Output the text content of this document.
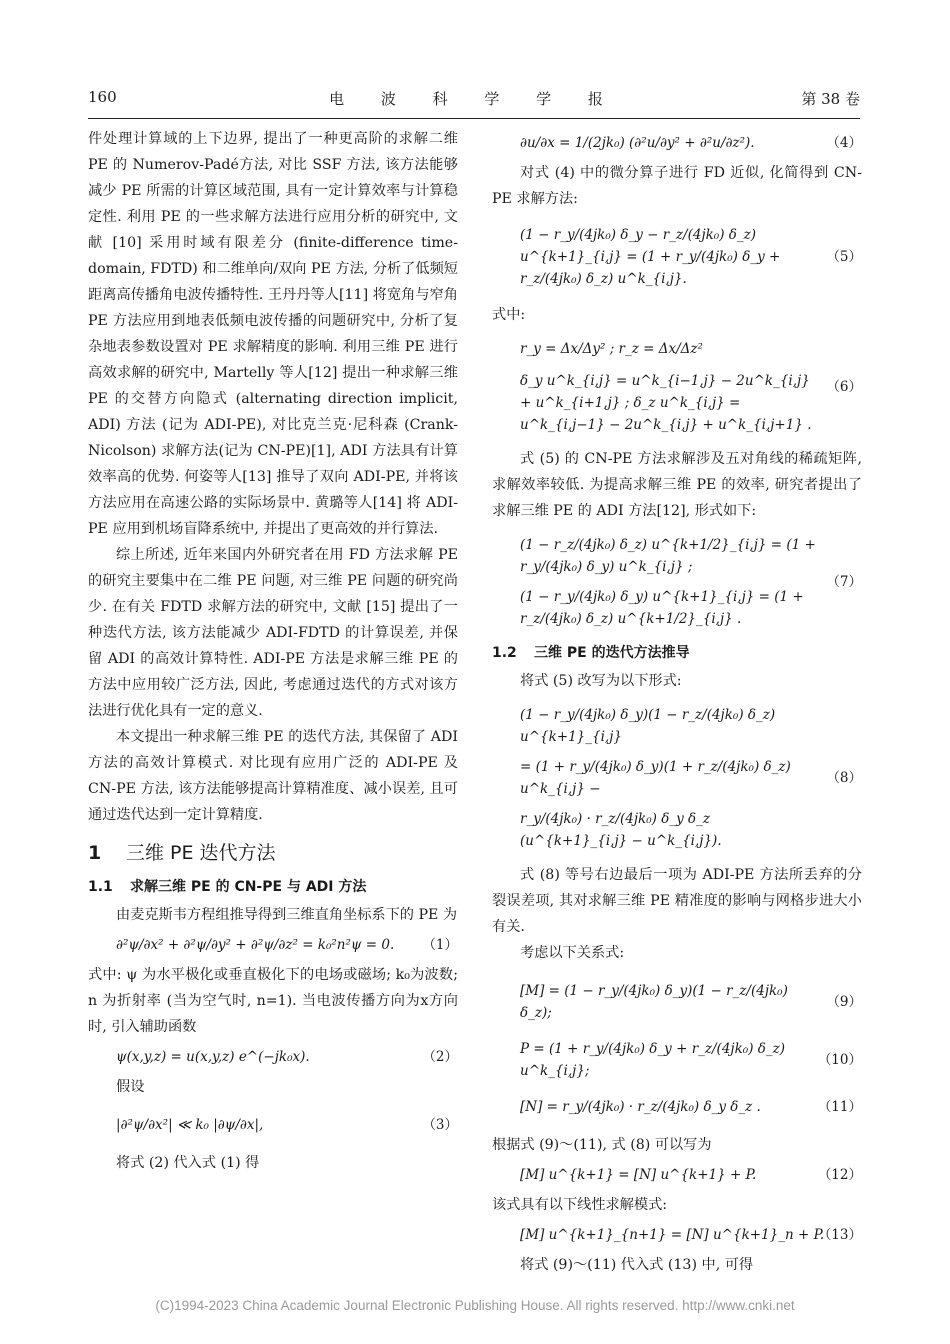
160	电 波 科 学 学 报	第 38 卷

件处理计算域的上下边界, 提出了一种更高阶的求解二维 PE 的 Numerov-Padé方法, 对比 SSF 方法, 该方法能够减少 PE 所需的计算区域范围, 具有一定计算效率与计算稳定性. 利用 PE 的一些求解方法进行应用分析的研究中, 文献 [10] 采用时域有限差分 (finite-difference time-domain, FDTD) 和二维单向/双向 PE 方法, 分析了低频短距离高传播角电波传播特性. 王丹丹等人[11] 将宽角与窄角 PE 方法应用到地表低频电波传播的问题研究中, 分析了复杂地表参数设置对 PE 求解精度的影响. 利用三维 PE 进行高效求解的研究中, Martelly 等人[12] 提出一种求解三维 PE 的交替方向隐式 (alternating direction implicit, ADI) 方法 (记为 ADI-PE), 对比克兰克·尼科森 (Crank-Nicolson) 求解方法(记为 CN-PE)[1], ADI 方法具有计算效率高的优势. 何姿等人[13] 推导了双向 ADI-PE, 并将该方法应用在高速公路的实际场景中. 黄璐等人[14] 将 ADI-PE 应用到机场盲降系统中, 并提出了更高效的并行算法.

综上所述, 近年来国内外研究者在用 FD 方法求解 PE 的研究主要集中在二维 PE 问题, 对三维 PE 问题的研究尚少. 在有关 FDTD 求解方法的研究中, 文献 [15] 提出了一种迭代方法, 该方法能减少 ADI-FDTD 的计算误差, 并保留 ADI 的高效计算特性. ADI-PE 方法是求解三维 PE 的方法中应用较广泛方法, 因此, 考虑通过迭代的方式对该方法进行优化具有一定的意义.

本文提出一种求解三维 PE 的迭代方法, 其保留了 ADI 方法的高效计算模式. 对比现有应用广泛的 ADI-PE 及 CN-PE 方法, 该方法能够提高计算精准度、减小误差, 且可通过迭代达到一定计算精度.

1 三维 PE 迭代方法
1.1 求解三维 PE 的 CN-PE 与 ADI 方法

由麦克斯韦方程组推导得到三维直角坐标系下的 PE 为

∂²ψ/∂x² + ∂²ψ/∂y² + ∂²ψ/∂z² = k₀²n²ψ = 0.	（1）

式中: ψ 为水平极化或垂直极化下的电场或磁场; k₀为波数; n 为折射率 (当为空气时, n=1). 当电波传播方向为x方向时, 引入辅助函数

ψ(x,y,z) = u(x,y,z) e^(−jk₀x).	（2）

假设

|∂²ψ/∂x²| ≪ k₀ |∂ψ/∂x|,	（3）

将式 (2) 代入式 (1) 得

∂u/∂x = 1/(2jk₀) (∂²u/∂y² + ∂²u/∂z²).	（4）

对式 (4) 中的微分算子进行 FD 近似, 化简得到 CN-PE 求解方法:

(1 − r_y/(4jk₀) δ_y − r_z/(4jk₀) δ_z) u^{k+1}_{i,j} = (1 + r_y/(4jk₀) δ_y + r_z/(4jk₀) δ_z) u^k_{i,j}.
（5）

式中:

r_y = Δx/Δy² ; r_z = Δx/Δz²
δ_y u^k_{i,j} = u^k_{i−1,j} − 2u^k_{i,j} + u^k_{i+1,j} ; δ_z u^k_{i,j} = u^k_{i,j−1} − 2u^k_{i,j} + u^k_{i,j+1} .
（6）

式 (5) 的 CN-PE 方法求解涉及五对角线的稀疏矩阵, 求解效率较低. 为提高求解三维 PE 的效率, 研究者提出了求解三维 PE 的 ADI 方法[12], 形式如下:

(1 − r_z/(4jk₀) δ_z) u^{k+1/2}_{i,j} = (1 + r_y/(4jk₀) δ_y) u^k_{i,j} ;
(1 − r_y/(4jk₀) δ_y) u^{k+1}_{i,j} = (1 + r_z/(4jk₀) δ_z) u^{k+1/2}_{i,j} .
（7）
1.2 三维 PE 的迭代方法推导

将式 (5) 改写为以下形式:

(1 − r_y/(4jk₀) δ_y)(1 − r_z/(4jk₀) δ_z) u^{k+1}_{i,j}
= (1 + r_y/(4jk₀) δ_y)(1 + r_z/(4jk₀) δ_z) u^k_{i,j} −
r_y/(4jk₀) · r_z/(4jk₀) δ_y δ_z (u^{k+1}_{i,j} − u^k_{i,j}).
（8）

式 (8) 等号右边最后一项为 ADI-PE 方法所丢弃的分裂误差项, 其对求解三维 PE 精准度的影响与网格步进大小有关.

考虑以下关系式:

[M] = (1 − r_y/(4jk₀) δ_y)(1 − r_z/(4jk₀) δ_z);
（9）
P = (1 + r_y/(4jk₀) δ_y + r_z/(4jk₀) δ_z) u^k_{i,j};
（10）
[N] = r_y/(4jk₀) · r_z/(4jk₀) δ_y δ_z .	（11）

根据式 (9)～(11), 式 (8) 可以写为

[M] u^{k+1} = [N] u^{k+1} + P.	（12）

该式具有以下线性求解模式:

[M] u^{k+1}_{n+1} = [N] u^{k+1}_n + P.
（13）

将式 (9)～(11) 代入式 (13) 中, 可得

(C)1994-2023 China Academic Journal Electronic Publishing House. All rights reserved. http://www.cnki.net
